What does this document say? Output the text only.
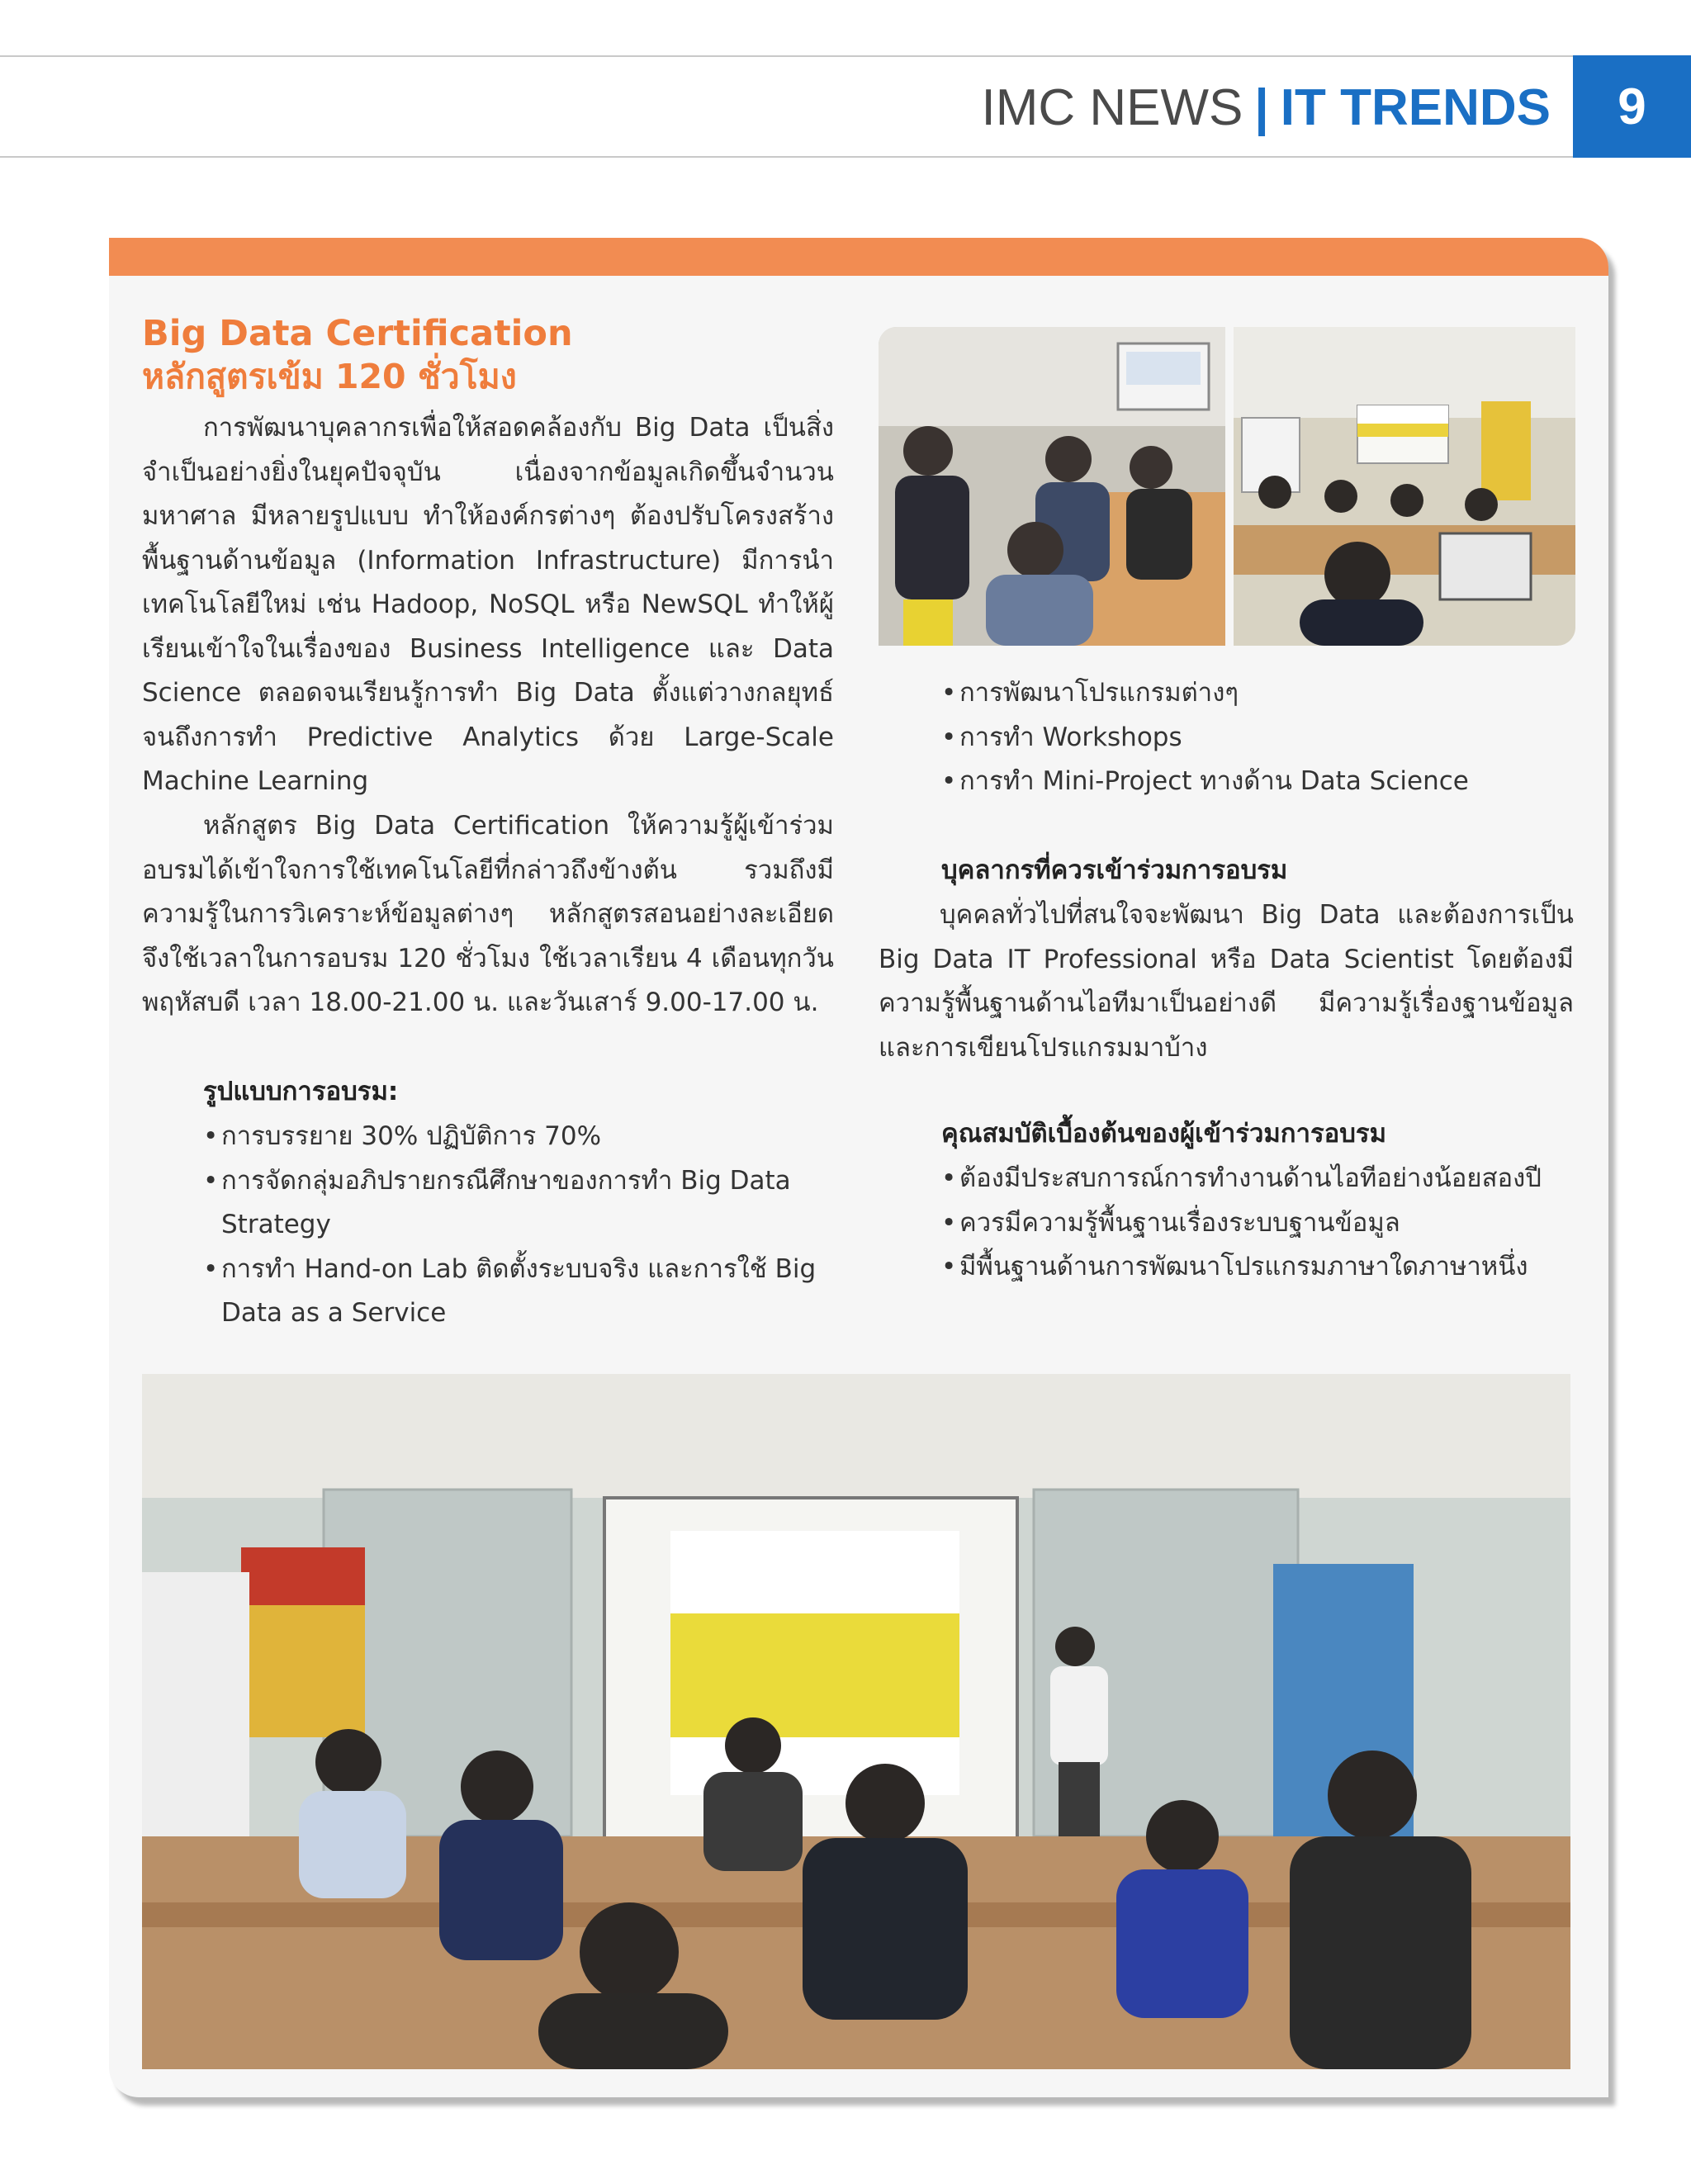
IMC NEWS | IT TRENDS 9
Big Data Certification
หลักสูตรเข้ม 120 ชั่วโมง

การพัฒนาบุคลากรเพื่อให้สอดคล้องกับ Big Data เป็นสิ่งจำเป็นอย่างยิ่งในยุคปัจจุบัน เนื่องจากข้อมูลเกิดขึ้นจำนวนมหาศาล มีหลายรูปแบบ ทำให้องค์กรต่างๆ ต้องปรับโครงสร้างพื้นฐานด้านข้อมูล (Information Infrastructure) มีการนำเทคโนโลยีใหม่ เช่น Hadoop, NoSQL หรือ NewSQL ทำให้ผู้เรียนเข้าใจในเรื่องของ Business Intelligence และ Data Science ตลอดจนเรียนรู้การทำ Big Data ตั้งแต่วางกลยุทธ์ จนถึงการทำ Predictive Analytics ด้วย Large-Scale Machine Learning

หลักสูตร Big Data Certification ให้ความรู้ผู้เข้าร่วมอบรมได้เข้าใจการใช้เทคโนโลยีที่กล่าวถึงข้างต้น รวมถึงมีความรู้ในการวิเคราะห์ข้อมูลต่างๆ หลักสูตรสอนอย่างละเอียด จึงใช้เวลาในการอบรม 120 ชั่วโมง ใช้เวลาเรียน 4 เดือนทุกวันพฤหัสบดี เวลา 18.00-21.00 น. และวันเสาร์ 9.00-17.00 น.

รูปแบบการอบรม:
• การบรรยาย 30% ปฏิบัติการ 70%
• การจัดกลุ่มอภิปรายกรณีศึกษาของการทำ Big Data Strategy
• การทำ Hand-on Lab ติดตั้งระบบจริง และการใช้ Big Data as a Service
• การพัฒนาโปรแกรมต่างๆ
• การทำ Workshops
• การทำ Mini-Project ทางด้าน Data Science
บุคลากรที่ควรเข้าร่วมการอบรม

บุคคลทั่วไปที่สนใจจะพัฒนา Big Data และต้องการเป็น Big Data IT Professional หรือ Data Scientist โดยต้องมีความรู้พื้นฐานด้านไอทีมาเป็นอย่างดี มีความรู้เรื่องฐานข้อมูล และการเขียนโปรแกรมมาบ้าง

คุณสมบัติเบื้องต้นของผู้เข้าร่วมการอบรม
• ต้องมีประสบการณ์การทำงานด้านไอทีอย่างน้อยสองปี
• ควรมีความรู้พื้นฐานเรื่องระบบฐานข้อมูล
• มีพื้นฐานด้านการพัฒนาโปรแกรมภาษาใดภาษาหนึ่ง
